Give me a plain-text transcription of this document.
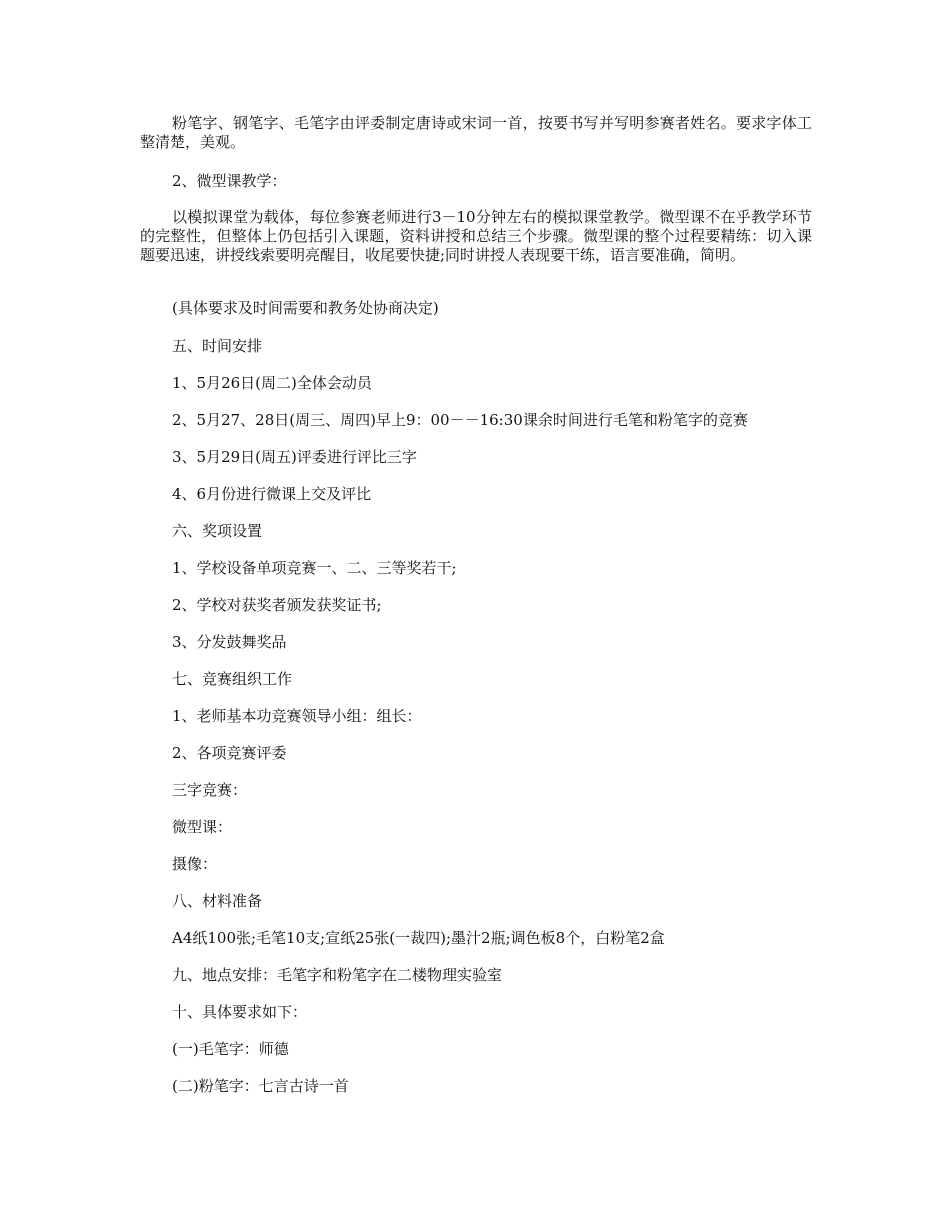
粉笔字、钢笔字、毛笔字由评委制定唐诗或宋词一首，按要书写并写明参赛者姓名。要求字体工整清楚，美观。

2、微型课教学：

以模拟课堂为载体，每位参赛老师进行3－10分钟左右的模拟课堂教学。微型课不在乎教学环节的完整性，但整体上仍包括引入课题，资料讲授和总结三个步骤。微型课的整个过程要精练：切入课题要迅速，讲授线索要明亮醒目，收尾要快捷;同时讲授人表现要干练，语言要准确，简明。

(具体要求及时间需要和教务处协商决定)

五、时间安排

1、5月26日(周二)全体会动员

2、5月27、28日(周三、周四)早上9：00－－16:30课余时间进行毛笔和粉笔字的竞赛

3、5月29日(周五)评委进行评比三字

4、6月份进行微课上交及评比

六、奖项设置

1、学校设备单项竞赛一、二、三等奖若干;

2、学校对获奖者颁发获奖证书;

3、分发鼓舞奖品

七、竞赛组织工作

1、老师基本功竞赛领导小组：组长：

2、各项竞赛评委

三字竞赛：

微型课：

摄像：

八、材料准备

A4纸100张;毛笔10支;宣纸25张(一裁四);墨汁2瓶;调色板8个，白粉笔2盒

九、地点安排：毛笔字和粉笔字在二楼物理实验室

十、具体要求如下：

(一)毛笔字：师德

(二)粉笔字：七言古诗一首
